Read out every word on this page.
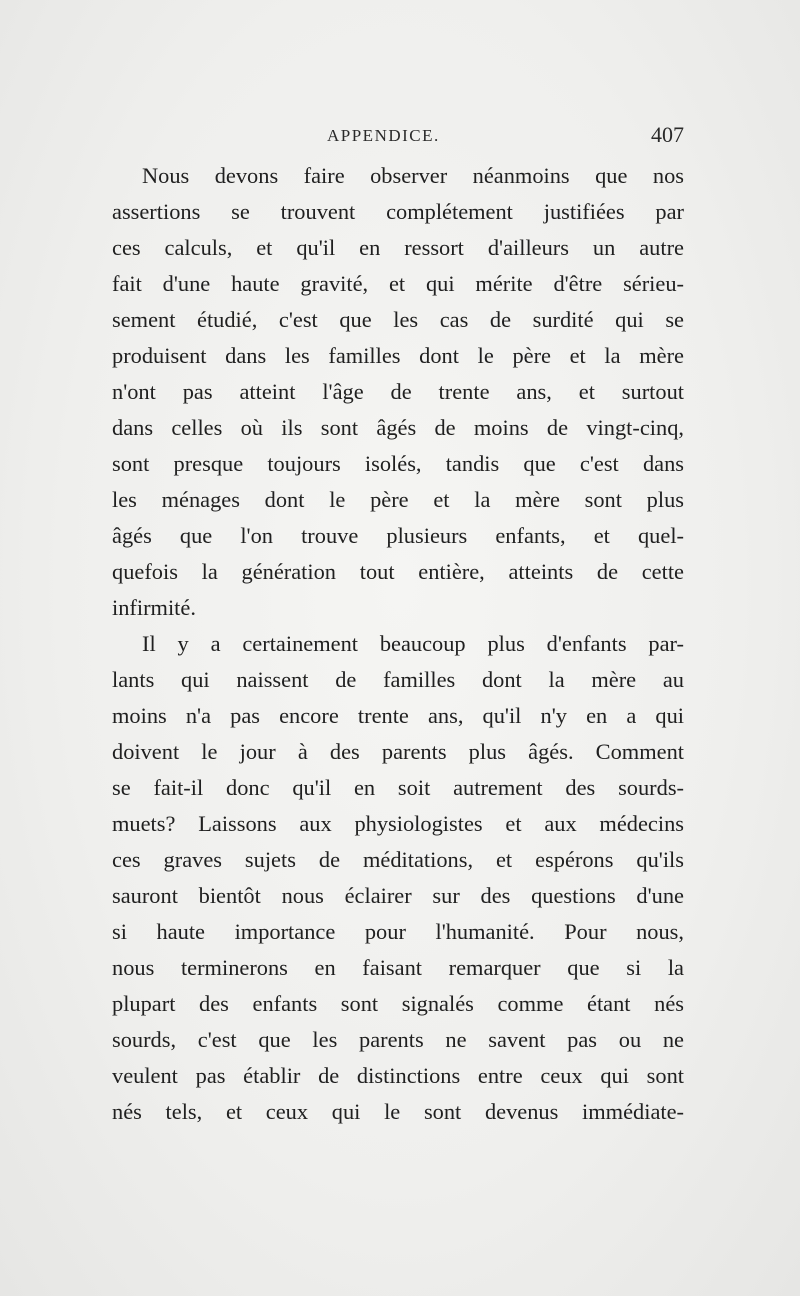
APPENDICE.	407
Nous devons faire observer néanmoins que nos
assertions se trouvent complétement justifiées par
ces calculs, et qu'il en ressort d'ailleurs un autre
fait d'une haute gravité, et qui mérite d'être sérieu-
sement étudié, c'est que les cas de surdité qui se
produisent dans les familles dont le père et la mère
n'ont pas atteint l'âge de trente ans, et surtout
dans celles où ils sont âgés de moins de vingt-cinq,
sont presque toujours isolés, tandis que c'est dans
les ménages dont le père et la mère sont plus
âgés que l'on trouve plusieurs enfants, et quel-
quefois la génération tout entière, atteints de cette
infirmité.
Il y a certainement beaucoup plus d'enfants par-
lants qui naissent de familles dont la mère au
moins n'a pas encore trente ans, qu'il n'y en a qui
doivent le jour à des parents plus âgés. Comment
se fait-il donc qu'il en soit autrement des sourds-
muets? Laissons aux physiologistes et aux médecins
ces graves sujets de méditations, et espérons qu'ils
sauront bientôt nous éclairer sur des questions d'une
si haute importance pour l'humanité. Pour nous,
nous terminerons en faisant remarquer que si la
plupart des enfants sont signalés comme étant nés
sourds, c'est que les parents ne savent pas ou ne
veulent pas établir de distinctions entre ceux qui sont
nés tels, et ceux qui le sont devenus immédiate-
